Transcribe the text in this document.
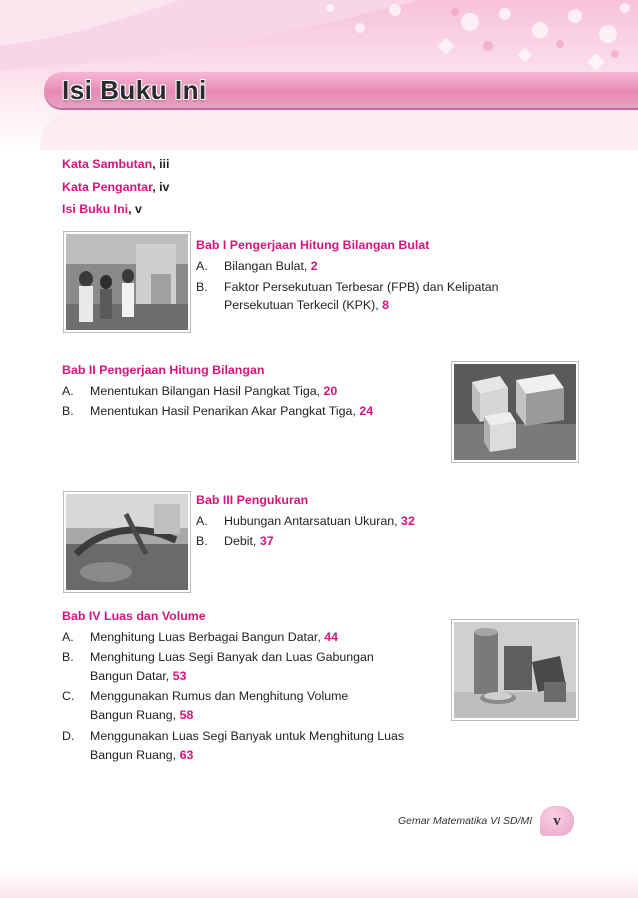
Isi Buku Ini
Kata Sambutan, iii
Kata Pengantar, iv
Isi Buku Ini, v
Bab I Pengerjaan Hitung Bilangan Bulat
A. Bilangan Bulat, 2
B. Faktor Persekutuan Terbesar (FPB) dan Kelipatan
Persekutuan Terkecil (KPK), 8
Bab II Pengerjaan Hitung Bilangan
A. Menentukan Bilangan Hasil Pangkat Tiga, 20
B. Menentukan Hasil Penarikan Akar Pangkat Tiga, 24
Bab III Pengukuran
A. Hubungan Antarsatuan Ukuran, 32
B. Debit, 37
Bab IV Luas dan Volume
A. Menghitung Luas Berbagai Bangun Datar, 44
B. Menghitung Luas Segi Banyak dan Luas Gabungan
Bangun Datar, 53
C. Menggunakan Rumus dan Menghitung Volume
Bangun Ruang, 58
D. Menggunakan Luas Segi Banyak untuk Menghitung Luas
Bangun Ruang, 63
Gemar Matematika VI SD/MI	v
